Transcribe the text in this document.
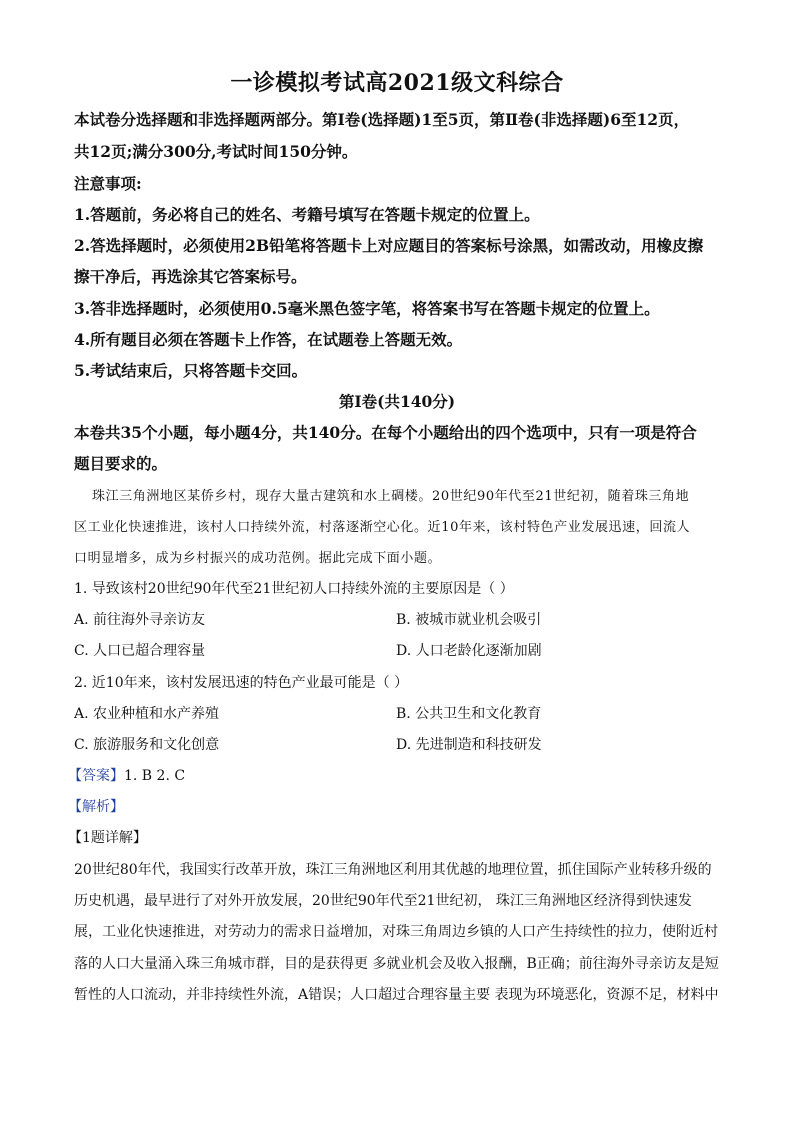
一诊模拟考试高2021级文科综合

本试卷分选择题和非选择题两部分。第Ⅰ卷(选择题)1至5页，第Ⅱ卷(非选择题)6至12页，

共12页;满分300分,考试时间150分钟。

注意事项:

1.答题前，务必将自己的姓名、考籍号填写在答题卡规定的位置上。

2.答选择题时，必须使用2B铅笔将答题卡上对应题目的答案标号涂黑，如需改动，用橡皮擦

擦干净后，再选涂其它答案标号。

3.答非选择题时，必须使用0.5毫米黑色签字笔，将答案书写在答题卡规定的位置上。

4.所有题目必须在答题卡上作答，在试题卷上答题无效。

5.考试结束后，只将答题卡交回。

第Ⅰ卷(共140分)

本卷共35个小题，每小题4分，共140分。在每个小题给出的四个选项中，只有一项是符合

题目要求的。

珠江三角洲地区某侨乡村，现存大量古建筑和水上碉楼。20世纪90年代至21世纪初，随着珠三角地

区工业化快速推进，该村人口持续外流，村落逐渐空心化。近10年来，该村特色产业发展迅速，回流人

口明显增多，成为乡村振兴的成功范例。据此完成下面小题。

1. 导致该村20世纪90年代至21世纪初人口持续外流的主要原因是（ ）

A. 前往海外寻亲访友	B. 被城市就业机会吸引

C. 人口已超合理容量	D. 人口老龄化逐渐加剧

2. 近10年来，该村发展迅速的特色产业最可能是（ ）

A. 农业种植和水产养殖	B. 公共卫生和文化教育

C. 旅游服务和文化创意	D. 先进制造和科技研发

【答案】1. B 2. C

【解析】

【1题详解】

20世纪80年代，我国实行改革开放，珠江三角洲地区利用其优越的地理位置，抓住国际产业转移升级的

历史机遇，最早进行了对外开放发展，20世纪90年代至21世纪初， 珠江三角洲地区经济得到快速发

展，工业化快速推进，对劳动力的需求日益增加，对珠三角周边乡镇的人口产生持续性的拉力，使附近村

落的人口大量涌入珠三角城市群，目的是获得更 多就业机会及收入报酬，B正确；前往海外寻亲访友是短

暂性的人口流动，并非持续性外流，A错误；人口超过合理容量主要 表现为环境恶化，资源不足，材料中
